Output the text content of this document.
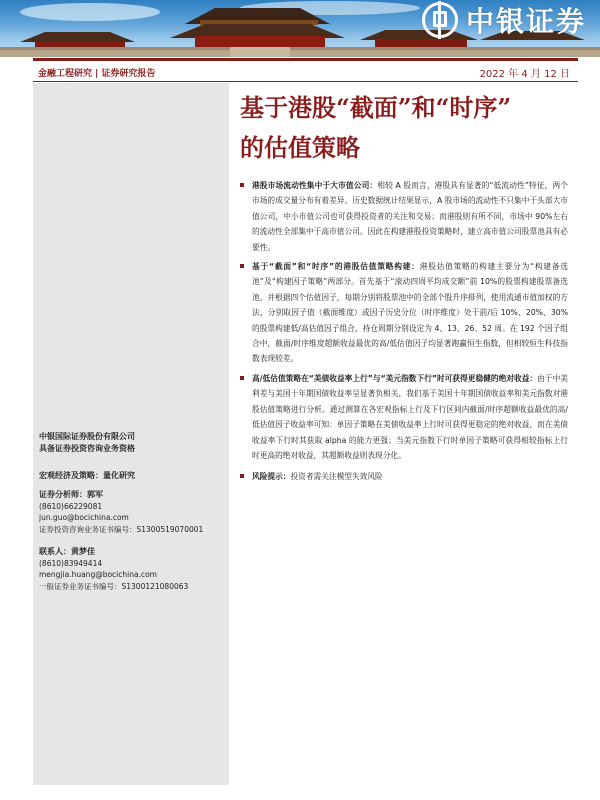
中银证券
金融工程研究 | 证券研究报告	2022 年 4 月 12 日
中银国际证券股份有限公司
具备证券投资咨询业务资格
宏观经济及策略：量化研究
证券分析师：郭军
(8610)66229081
jun.guo@bocichina.com
证券投资咨询业务证书编号：S1300519070001
联系人：黄梦佳
(8610)83949414
mengjia.huang@bocichina.com
一般证券业务证书编号：S1300121080063
基于港股“截面”和“时序”
的估值策略
港股市场流动性集中于大市值公司：相较 A 股而言，港股具有显著的“低流动性”特征，两个市场的成交量分布有着差异。历史数据统计结果显示，A 股市场的流动性不只集中于头部大市值公司，中小市值公司也可获得投资者的关注和交易；而港股则有所不同，市场中 90%左右的流动性全部集中于高市值公司。因此在构建港股投资策略时，建立高市值公司股票池具有必要性。
基于“截面”和“时序”的港股估值策略构建：港股估值策略的构建主要分为“构建备选池”及“构建因子策略”两部分。首先基于“滚动四周平均成交额”前 10%的股票构建股票备选池，并根据四个估值因子，每期分别将股票池中的全部个股升序排列，使用流通市值加权的方法，分别取因子值（截面维度）或因子历史分位（时序维度）处于前/后 10%、20%、30%的股票构建低/高估值因子组合，持仓周期分别设定为 4、13、26、52 周。在 192 个因子组合中，截面/时序维度超额收益最优的高/低估值因子均显著跑赢恒生指数，但相较恒生科技指数表现较差。
高/低估值策略在“美债收益率上行”与“美元指数下行”时可获得更稳健的绝对收益：由于中美利差与美国十年期国债收益率呈显著负相关，我们基于美国十年期国债收益率和美元指数对港股估值策略进行分析。通过测算在各宏观指标上行及下行区间内截面/时序超额收益最优的高/低估值因子收益率可知：单因子策略在美债收益率上行时可获得更稳定的绝对收益，而在美债收益率下行时其获取 alpha 的能力更强；当美元指数下行时单因子策略可获得相较指标上行时更高的绝对收益，其超额收益则表现分化。
风险提示：投资者需关注模型失效风险
